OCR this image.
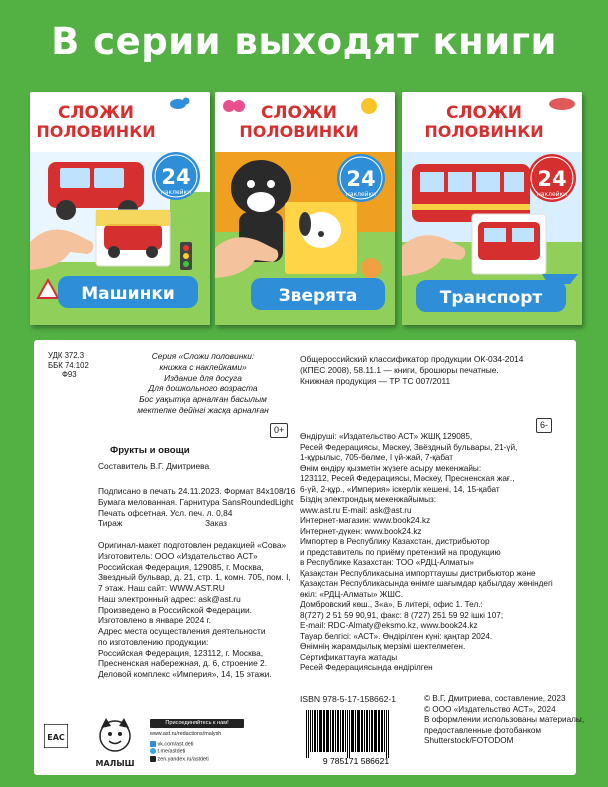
В серии выходят книги
СЛОЖИ
ПОЛОВИНКИ
24
наклейки
Машинки
СЛОЖИ
ПОЛОВИНКИ
24
наклейки
Зверята
СЛОЖИ
ПОЛОВИНКИ
24
наклейки
Транспорт
УДК 372.3
ББК 74.102
Ф93
Серия «Сложи половинки:
книжка с наклейками»
Издание для досуга
Для дошкольного возраста
Бос уақытқа арналған басылым
мектепке дейінгі жасқа арналған
0+
Фрукты и овощи
Составитель В.Г. Дмитриева
Подписано в печать 24.11.2023. Формат 84х108/16
Бумага мелованная. Гарнитура SansRoundedLight
Печать офсетная. Усл. печ. л. 0,84
Тираж	Заказ
Оригинал-макет подготовлен редакцией «Сова»
Изготовитель: ООО «Издательство АСТ»
Российская Федерация, 129085, г. Москва,
Звездный бульвар, д. 21, стр. 1, комн. 705, пом. I,
7 этаж. Наш сайт: WWW.AST.RU
Наш электронный адрес: ask@ast.ru
Произведено в Российской Федерации.
Изготовлено в январе 2024 г.
Адрес места осуществления деятельности
по изготовлению продукции:
Российская Федерация, 123112, г. Москва,
Пресненская набережная, д. 6, строение 2.
Деловой комплекс «Империя», 14, 15 этажи.
Общероссийский классификатор продукции ОК-034-2014
(КПЕС 2008), 58.11.1 — книги, брошюры печатные.
Книжная продукция — ТР ТС 007/2011
6-
Өндіруші: «Издательство АСТ» ЖШҚ 129085,
Ресей Федерациясы, Мәскеу, Звёздный бульвары, 21-үй,
1-құрылыс, 705-бөлме, I үй-жай, 7-қабат
Өнім өндіру қызметін жүзеге асыру мекенжайы:
123112, Ресей Федерациясы, Мәскеу, Пресненская жағ.,
6-үй, 2-құр., «Империя» іскерлік кешені, 14, 15-қабат
Біздің электрондық мекенжайымыз:
www.ast.ru E-mail: ask@ast.ru
Интернет-магазин: www.book24.kz
Интернет-дүкен: www.book24.kz
Импортер в Республику Казахстан, дистрибьютор
и представитель по приёму претензий на продукцию
в Республике Казахстан: ТОО «РДЦ-Алматы»
Қазақстан Республикасына импорттаушы дистрибьютор және
Қазақстан Республикасында өнімге шағымдар қабылдау жөніндегі
өкіл: «РДЦ-Алматы» ЖШС.
Домбровский көш., 3«а», Б литері, офис 1. Тел.:
8(727) 2 51 59 90,91, факс: 8 (727) 251 59 92 ішкі 107;
E-mail: RDC-Almaty@eksmo.kz, www.book24.kz
Тауар белгісі: «АСТ». Өндірілген күні: қаңтар 2024.
Өнімнің жарамдылық мерзімі шектелмеген.
Сертификаттауға жатады
Ресей Федерациясында өндірілген
ISBN 978-5-17-158662-1
9 785171 586621
© В.Г. Дмитриева, составление, 2023
© ООО «Издательство АСТ», 2024
В оформлении использованы материалы,
предоставленные фотобанком
Shutterstock/FOTODOM
EAC
МАЛЫШ
Присоединяйтесь к нам!
www.ast.ru/redactions/malysh
vk.com/ast.deti
t.me/astdeti
zen.yandex.ru/astdeti
